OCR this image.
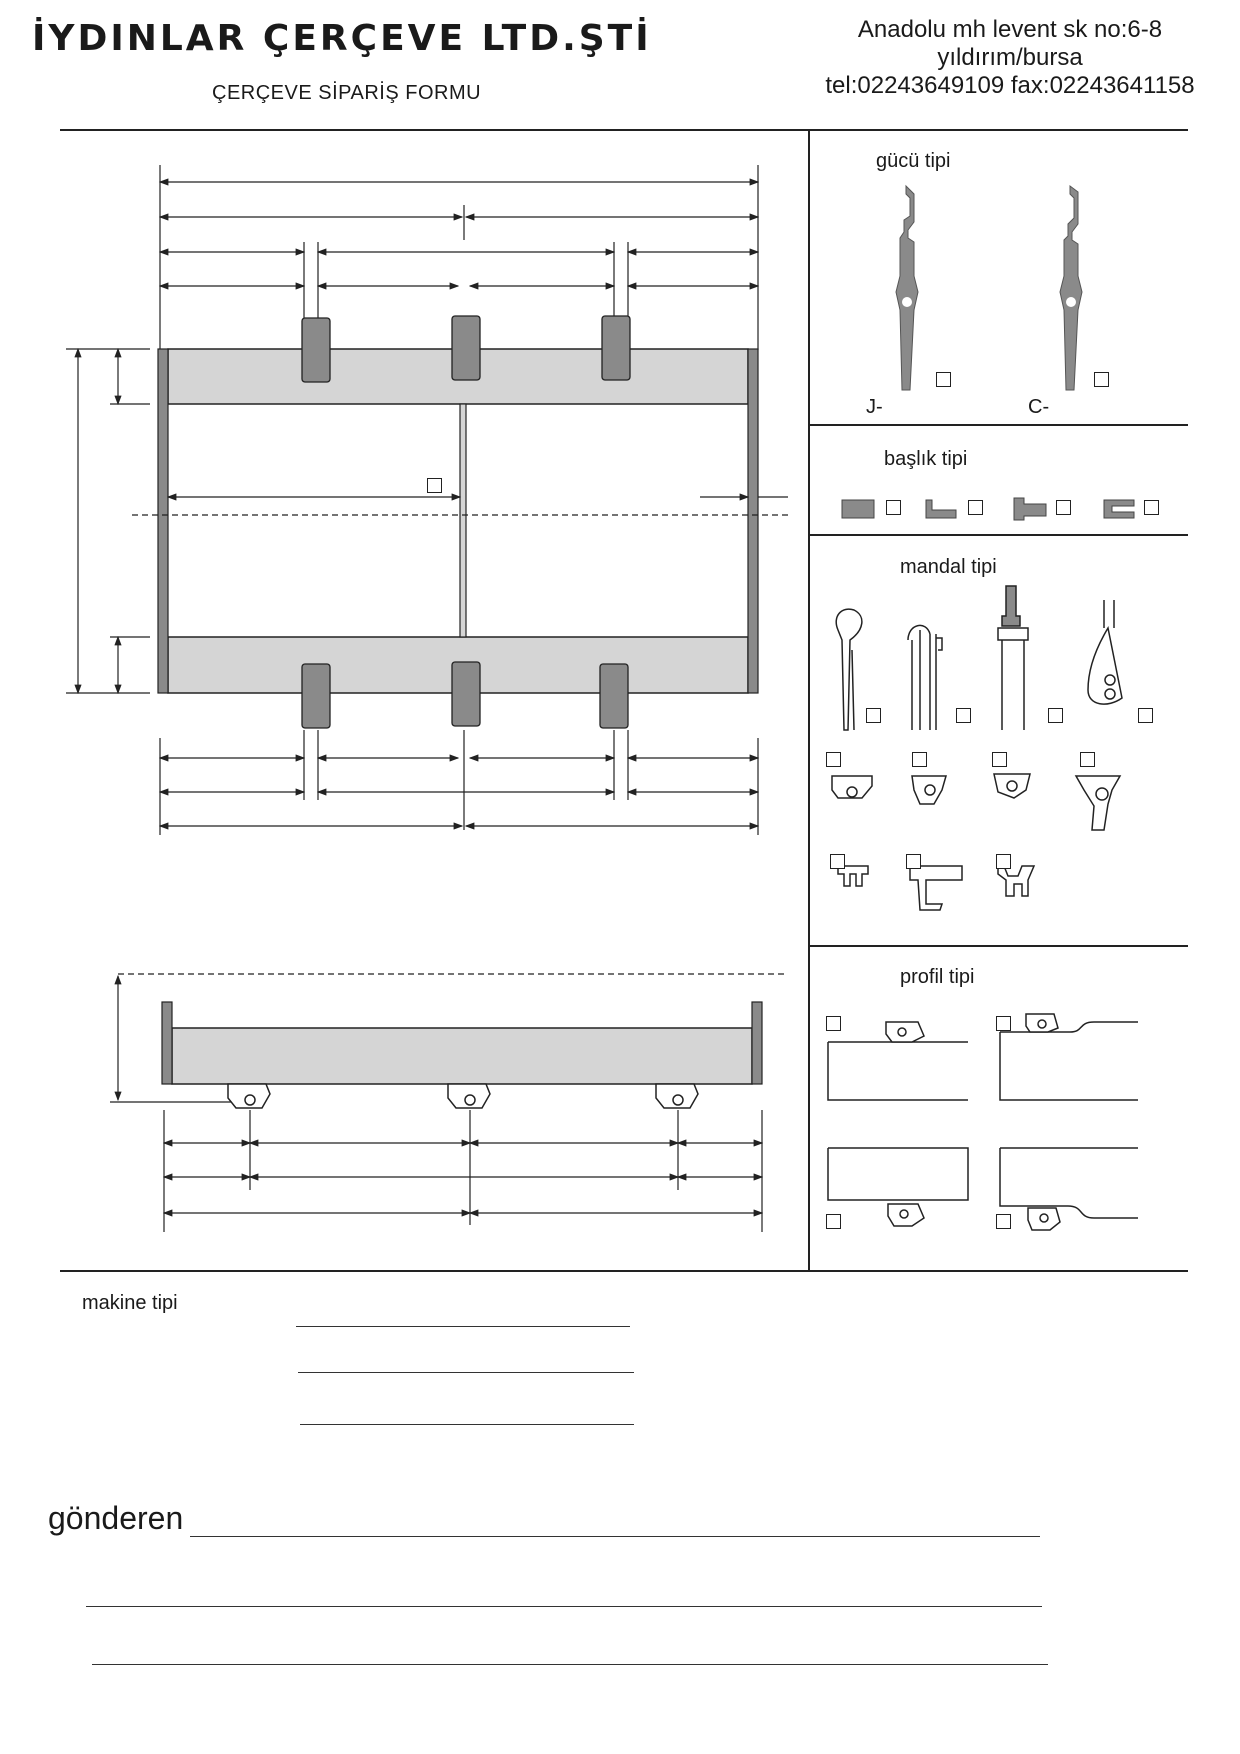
İYDINLAR ÇERÇEVE LTD.ŞTİ
ÇERÇEVE SİPARİŞ FORMU
Anadolu mh levent sk no:6-8
yıldırım/bursa
tel:02243649109 fax:02243641158
gücü tipi
J-	C-
başlık tipi
mandal tipi
profil tipi
makine tipi
gönderen
